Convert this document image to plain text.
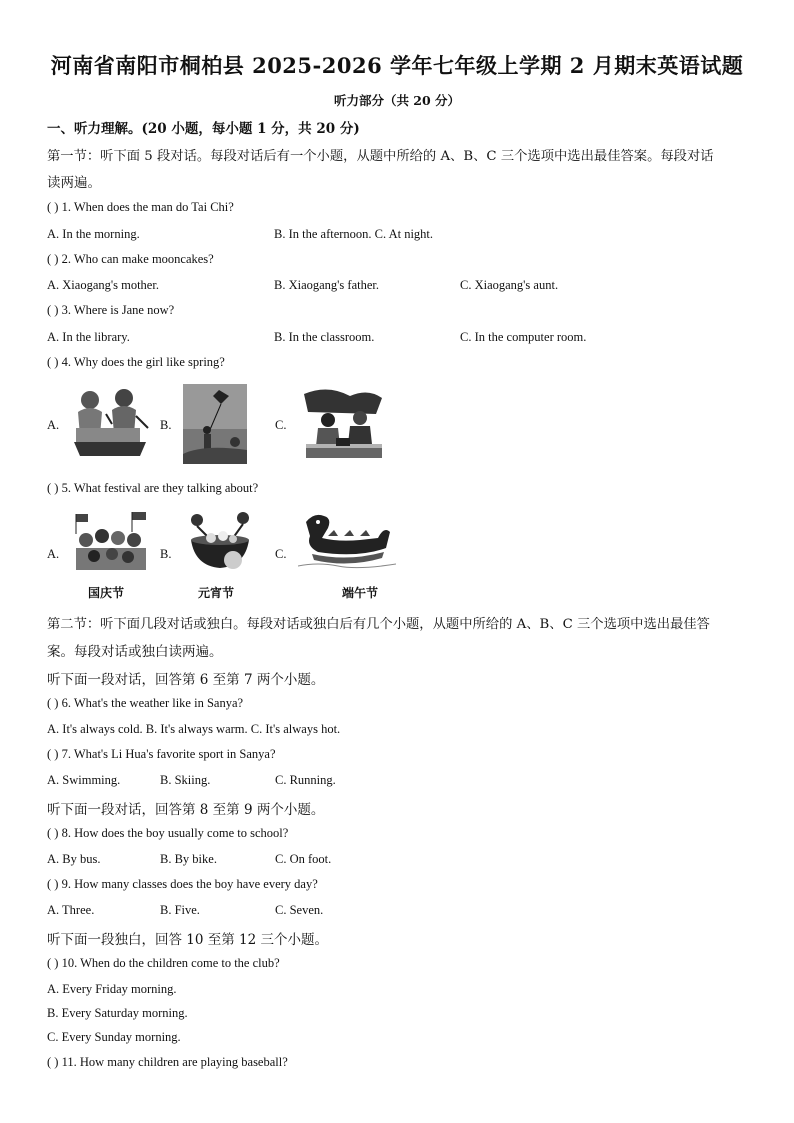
河南省南阳市桐柏县 2025-2026 学年七年级上学期 2 月期末英语试题
听力部分（共 20 分）
一、听力理解。(20 小题，每小题 1 分，共 20 分)
第一节：听下面 5 段对话。每段对话后有一个小题，从题中所给的 A、B、C 三个选项中选出最佳答案。每段对话
读两遍。
( ) 1. When does the man do Tai Chi?
A. In the morning.	B. In the afternoon. C. At night.
( ) 2. Who can make mooncakes?
A. Xiaogang's mother.	B. Xiaogang's father.	C. Xiaogang's aunt.
( ) 3. Where is Jane now?
A. In the library.	B. In the classroom.	C. In the computer room.
( ) 4. Why does the girl like spring?
A.	B.	C.
( ) 5. What festival are they talking about?
A.	B.	C.
国庆节	元宵节	端午节
第二节：听下面几段对话或独白。每段对话或独白后有几个小题，从题中所给的 A、B、C 三个选项中选出最佳答
案。每段对话或独白读两遍。
听下面一段对话，回答第 6 至第 7 两个小题。
( ) 6. What's the weather like in Sanya?
A. It's always cold. B. It's always warm. C. It's always hot.
( ) 7. What's Li Hua's favorite sport in Sanya?
A. Swimming.	B. Skiing.	C. Running.
听下面一段对话，回答第 8 至第 9 两个小题。
( ) 8. How does the boy usually come to school?
A. By bus.	B. By bike.	C. On foot.
( ) 9. How many classes does the boy have every day?
A. Three.	B. Five.	C. Seven.
听下面一段独白，回答 10 至第 12 三个小题。
( ) 10. When do the children come to the club?
A. Every Friday morning.
B. Every Saturday morning.
C. Every Sunday morning.
( ) 11. How many children are playing baseball?
